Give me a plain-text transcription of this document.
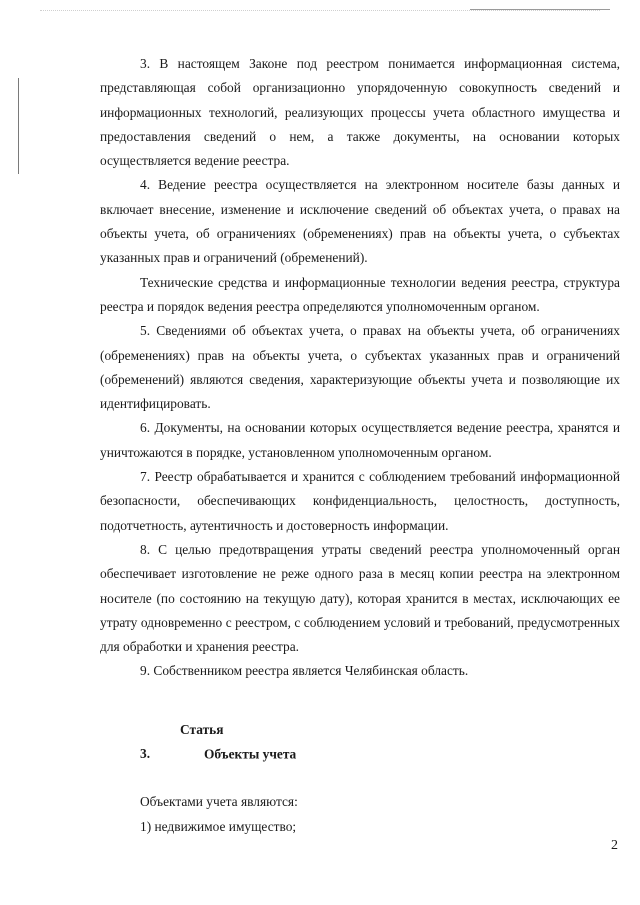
3. В настоящем Законе под реестром понимается информационная система, представляющая собой организационно упорядоченную совокупность сведений и информационных технологий, реализующих процессы учета областного имущества и предоставления сведений о нем, а также документы, на основании которых осуществляется ведение реестра.

4. Ведение реестра осуществляется на электронном носителе базы данных и включает внесение, изменение и исключение сведений об объектах учета, о правах на объекты учета, об ограничениях (обременениях) прав на объекты учета, о субъектах указанных прав и ограничений (обременений).

Технические средства и информационные технологии ведения реестра, структура реестра и порядок ведения реестра определяются уполномоченным органом.

5. Сведениями об объектах учета, о правах на объекты учета, об ограничениях (обременениях) прав на объекты учета, о субъектах указанных прав и ограничений (обременений) являются сведения, характеризующие объекты учета и позволяющие их идентифицировать.

6. Документы, на основании которых осуществляется ведение реестра, хранятся и уничтожаются в порядке, установленном уполномоченным органом.

7. Реестр обрабатывается и хранится с соблюдением требований информационной безопасности, обеспечивающих конфиденциальность, целостность, доступность, подотчетность, аутентичность и достоверность информации.

8. С целью предотвращения утраты сведений реестра уполномоченный орган обеспечивает изготовление не реже одного раза в месяц копии реестра на электронном носителе (по состоянию на текущую дату), которая хранится в местах, исключающих ее утрату одновременно с реестром, с соблюдением условий и требований, предусмотренных для обработки и хранения реестра.

9. Собственником реестра является Челябинская область.

Статья 3.	Объекты учета

Объектами учета являются:

1) недвижимое имущество;

2
